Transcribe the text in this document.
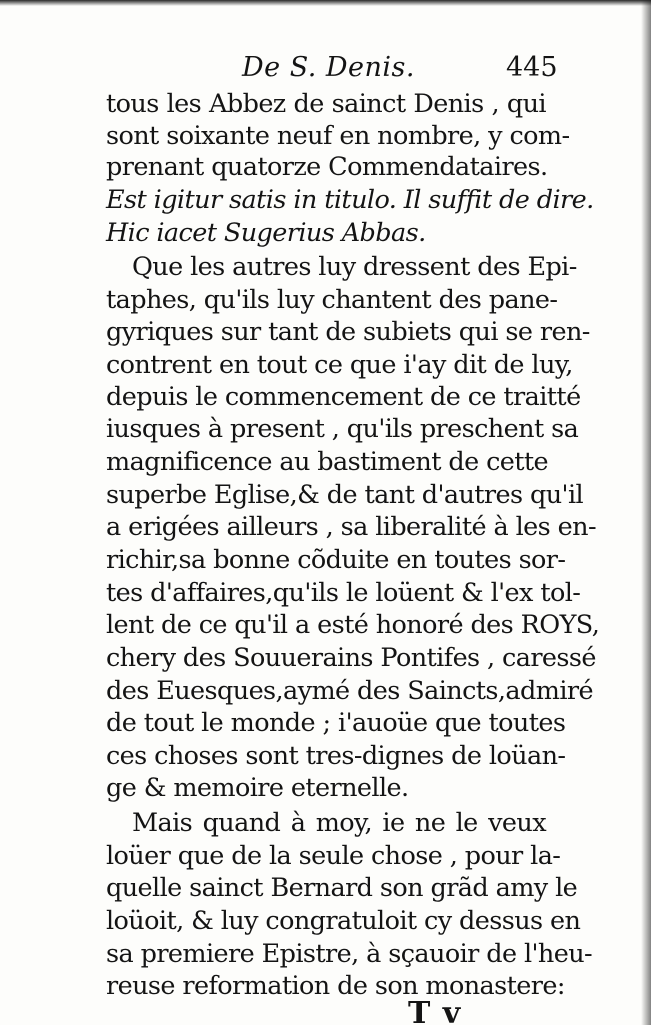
De S. Denis.	445
tous les Abbez de sainct Denis , qui
sont soixante neuf en nombre, y com-
prenant quatorze Commendataires.
Est igitur satis in titulo. Il suffit de dire.
Hic iacet Sugerius Abbas.
Que les autres luy dressent des Epi-
taphes, qu'ils luy chantent des pane-
gyriques sur tant de subiets qui se ren-
contrent en tout ce que i'ay dit de luy,
depuis le commencement de ce traitté
iusques à present , qu'ils preschent sa
magnificence au bastiment de cette
superbe Eglise,& de tant d'autres qu'il
a erigées ailleurs , sa liberalité à les en-
richir,sa bonne cõduite en toutes sor-
tes d'affaires,qu'ils le loüent & l'ex tol-
lent de ce qu'il a esté honoré des ROYS,
chery des Souuerains Pontifes , caressé
des Euesques,aymé des Saincts,admiré
de tout le monde ; i'auoüe que toutes
ces choses sont tres-dignes de loüan-
ge & memoire eternelle.
Mais quand à moy, ie ne le veux
loüer que de la seule chose , pour la-
quelle sainct Bernard son grãd amy le
loüoit, & luy congratuloit cy dessus en
sa premiere Epistre, à sçauoir de l'heu-
reuse reformation de son monastere:
T v
